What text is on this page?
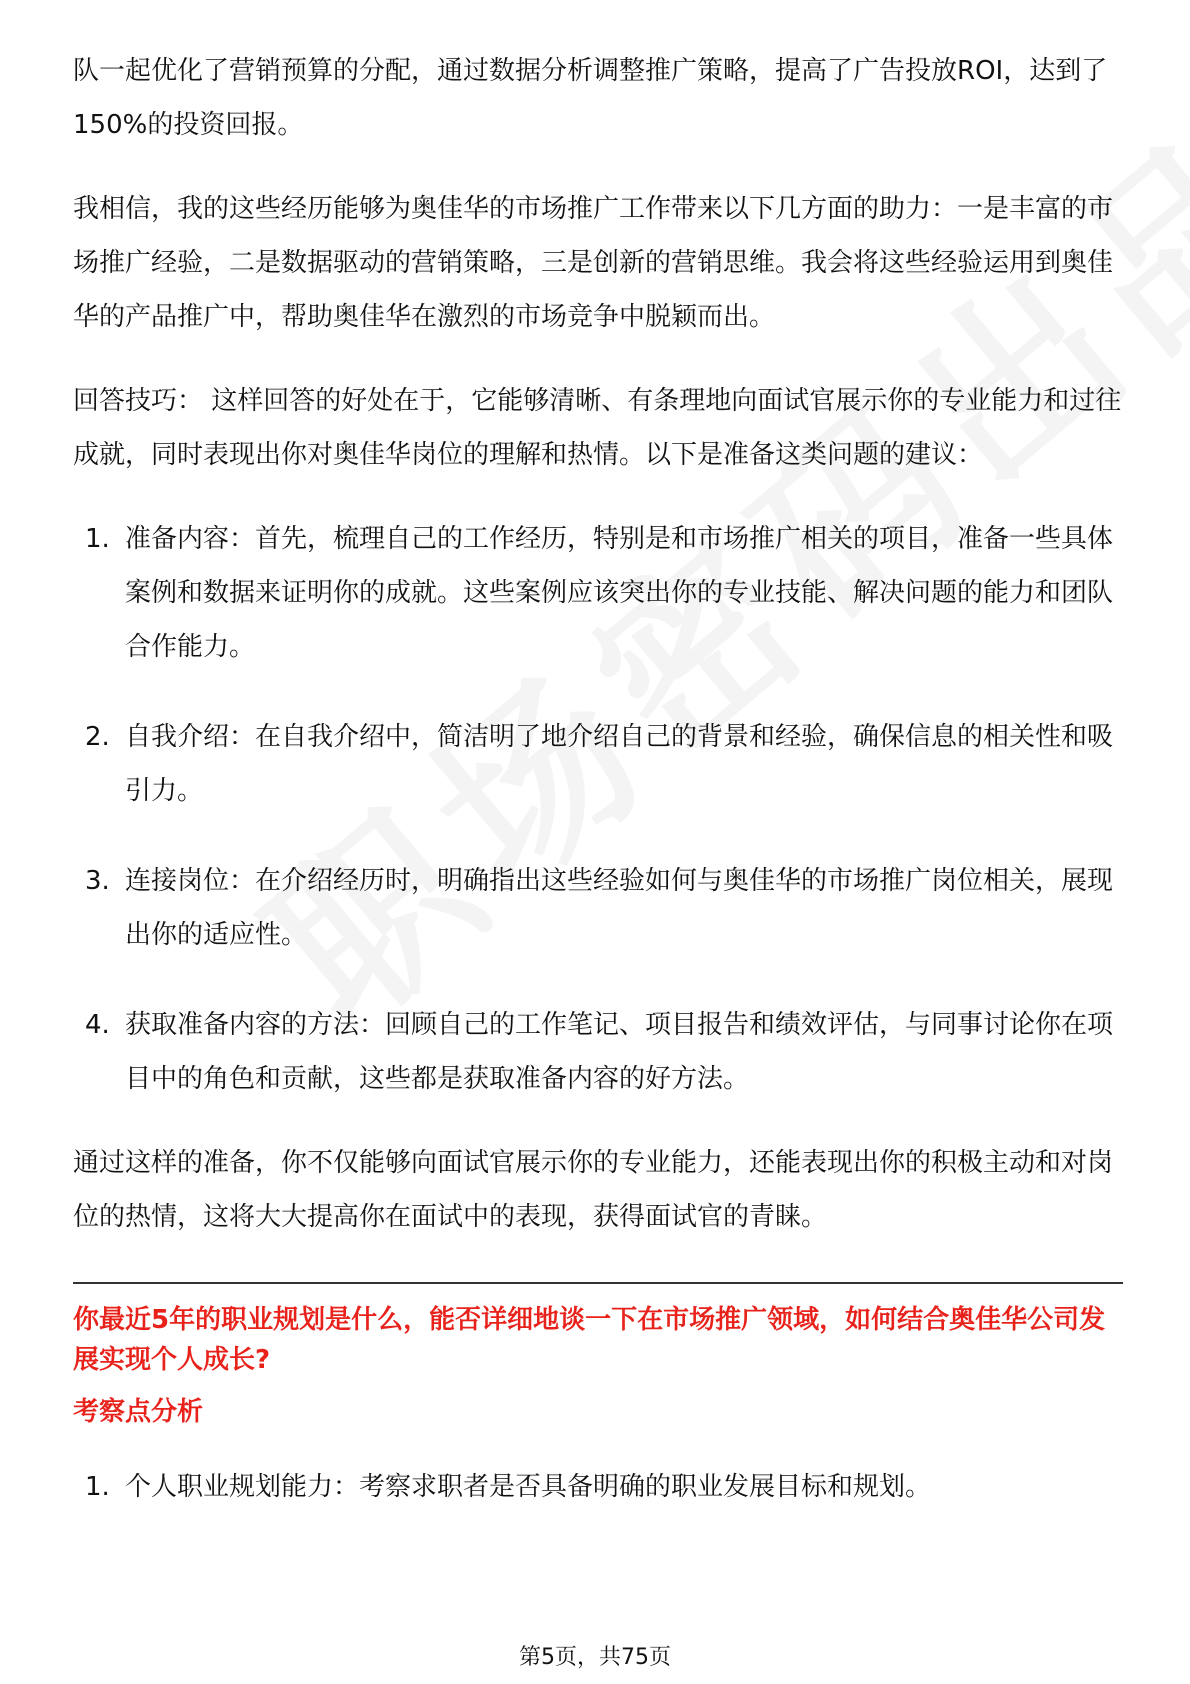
队一起优化了营销预算的分配，通过数据分析调整推广策略，提高了广告投放ROI，达到了150%的投资回报。

我相信，我的这些经历能够为奥佳华的市场推广工作带来以下几方面的助力：一是丰富的市场推广经验，二是数据驱动的营销策略，三是创新的营销思维。我会将这些经验运用到奥佳华的产品推广中，帮助奥佳华在激烈的市场竞争中脱颖而出。

回答技巧： 这样回答的好处在于，它能够清晰、有条理地向面试官展示你的专业能力和过往成就，同时表现出你对奥佳华岗位的理解和热情。以下是准备这类问题的建议：

1. 准备内容：首先，梳理自己的工作经历，特别是和市场推广相关的项目，准备一些具体案例和数据来证明你的成就。这些案例应该突出你的专业技能、解决问题的能力和团队合作能力。
2. 自我介绍：在自我介绍中，简洁明了地介绍自己的背景和经验，确保信息的相关性和吸引力。
3. 连接岗位：在介绍经历时，明确指出这些经验如何与奥佳华的市场推广岗位相关，展现出你的适应性。
4. 获取准备内容的方法：回顾自己的工作笔记、项目报告和绩效评估，与同事讨论你在项目中的角色和贡献，这些都是获取准备内容的好方法。

通过这样的准备，你不仅能够向面试官展示你的专业能力，还能表现出你的积极主动和对岗位的热情，这将大大提高你在面试中的表现，获得面试官的青睐。

你最近5年的职业规划是什么，能否详细地谈一下在市场推广领域，如何结合奥佳华公司发展实现个人成长?

考察点分析

1. 个人职业规划能力：考察求职者是否具备明确的职业发展目标和规划。
第5页，共75页
